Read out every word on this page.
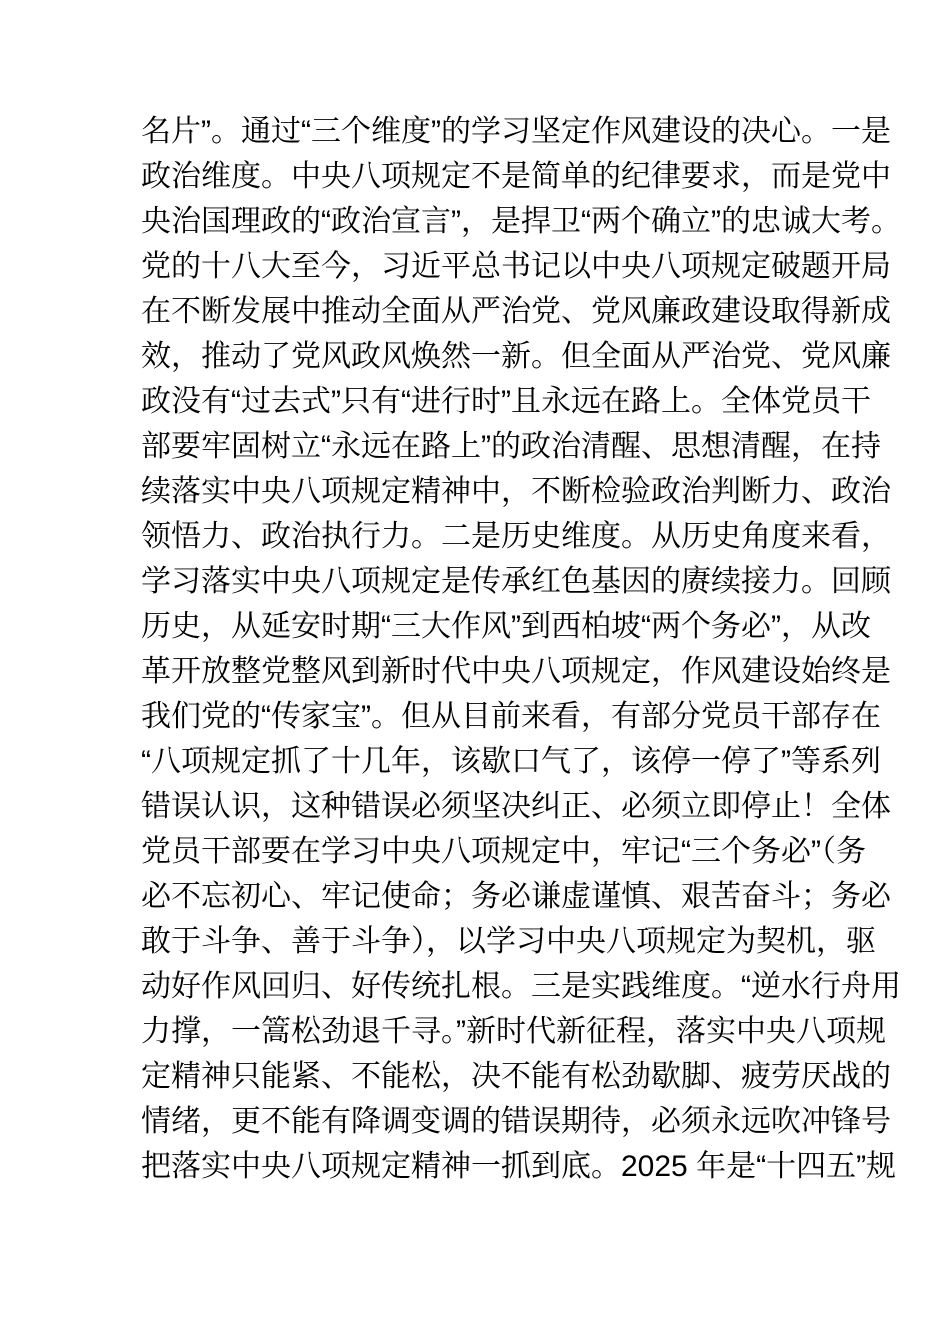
名片”。通过“三个维度”的学习坚定作风建设的决心。一是
政治维度。中央八项规定不是简单的纪律要求，而是党中
央治国理政的“政治宣言”，是捍卫“两个确立”的忠诚大考。
党的十八大至今，习近平总书记以中央八项规定破题开局
在不断发展中推动全面从严治党、党风廉政建设取得新成
效，推动了党风政风焕然一新。但全面从严治党、党风廉
政没有“过去式”只有“进行时”且永远在路上。全体党员干
部要牢固树立“永远在路上”的政治清醒、思想清醒，在持
续落实中央八项规定精神中，不断检验政治判断力、政治
领悟力、政治执行力。二是历史维度。从历史角度来看，
学习落实中央八项规定是传承红色基因的赓续接力。回顾
历史，从延安时期“三大作风”到西柏坡“两个务必”，从改
革开放整党整风到新时代中央八项规定，作风建设始终是
我们党的“传家宝”。但从目前来看，有部分党员干部存在
“八项规定抓了十几年，该歇口气了，该停一停了”等系列
错误认识，这种错误必须坚决纠正、必须立即停止！全体
党员干部要在学习中央八项规定中，牢记“三个务必”（务
必不忘初心、牢记使命；务必谦虚谨慎、艰苦奋斗；务必
敢于斗争、善于斗争），以学习中央八项规定为契机，驱
动好作风回归、好传统扎根。三是实践维度。“逆水行舟用
力撑，一篙松劲退千寻。”新时代新征程，落实中央八项规
定精神只能紧、不能松，决不能有松劲歇脚、疲劳厌战的
情绪，更不能有降调变调的错误期待，必须永远吹冲锋号
把落实中央八项规定精神一抓到底。2025 年是“十四五”规
